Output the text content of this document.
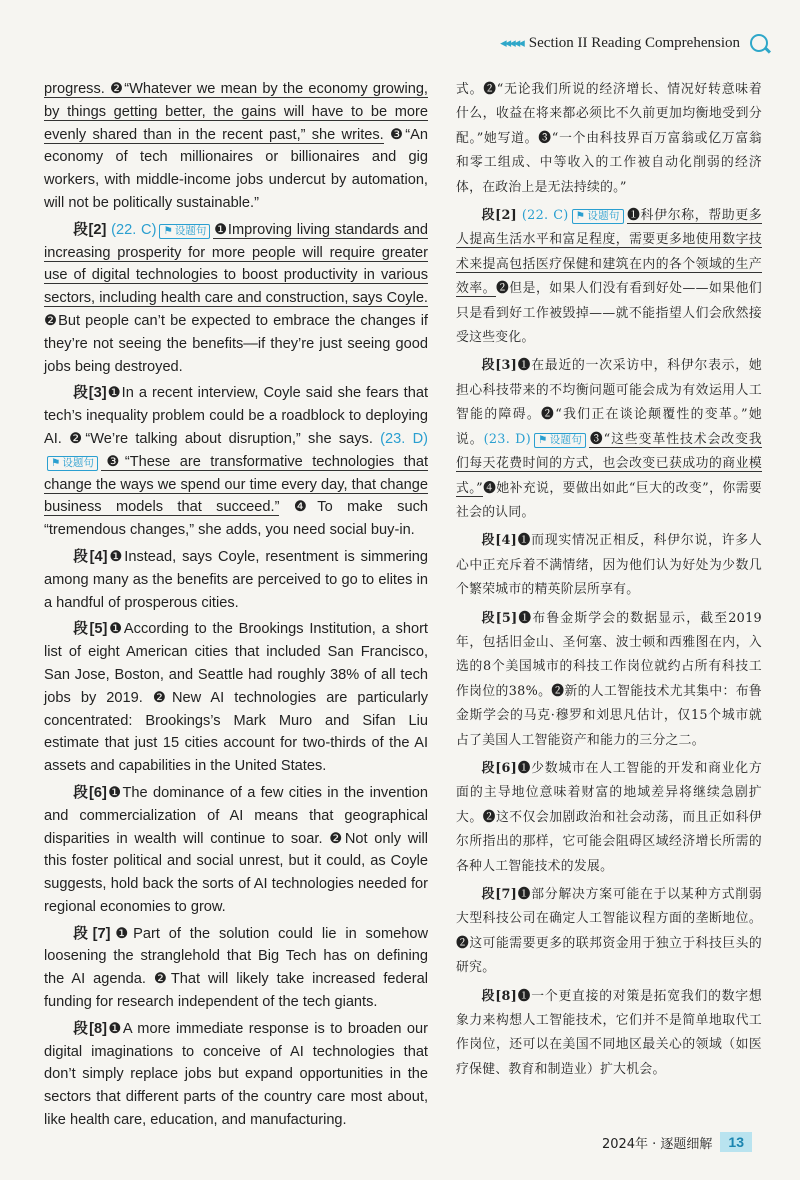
◂◂◂◂◂ Section II Reading Comprehension

progress. ❷“Whatever we mean by the economy growing, by things getting better, the gains will have to be more evenly shared than in the recent past,” she writes. ❸“An economy of tech millionaires or billionaires and gig workers, with middle-income jobs undercut by automation, will not be politically sustainable.”

段[2] (22. C) ⚑ 设题句 ❶Improving living standards and increasing prosperity for more people will require greater use of digital technologies to boost productivity in various sectors, including health care and construction, says Coyle. ❷But people can’t be expected to embrace the changes if they’re not seeing the benefits—if they’re just seeing good jobs being destroyed.

段[3]❶In a recent interview, Coyle said she fears that tech’s inequality problem could be a roadblock to deploying AI. ❷“We’re talking about disruption,” she says. (23. D)⚑ 设题句 ❸“These are transformative technologies that change the ways we spend our time every day, that change business models that succeed.” ❹To make such “tremendous changes,” she adds, you need social buy-in.

段[4]❶Instead, says Coyle, resentment is simmering among many as the benefits are perceived to go to elites in a handful of prosperous cities.

段[5]❶According to the Brookings Institution, a short list of eight American cities that included San Francisco, San Jose, Boston, and Seattle had roughly 38% of all tech jobs by 2019. ❷New AI technologies are particularly concentrated: Brookings’s Mark Muro and Sifan Liu estimate that just 15 cities account for two-thirds of the AI assets and capabilities in the United States.

段[6]❶The dominance of a few cities in the invention and commercialization of AI means that geographical disparities in wealth will continue to soar. ❷Not only will this foster political and social unrest, but it could, as Coyle suggests, hold back the sorts of AI technologies needed for regional economies to grow.

段[7]❶Part of the solution could lie in somehow loosening the stranglehold that Big Tech has on defining the AI agenda. ❷That will likely take increased federal funding for research independent of the tech giants.

段[8]❶A more immediate response is to broaden our digital imaginations to conceive of AI technologies that don’t simply replace jobs but expand opportunities in the sectors that different parts of the country care most about, like health care, education, and manufacturing.

式。❷“无论我们所说的经济增长、情况好转意味着什么，收益在将来都必须比不久前更加均衡地受到分配。”她写道。❸“一个由科技界百万富翁或亿万富翁和零工组成、中等收入的工作被自动化削弱的经济体，在政治上是无法持续的。”

段[2] (22. C) ⚑ 设题句 ❶科伊尔称，帮助更多人提高生活水平和富足程度，需要更多地使用数字技术来提高包括医疗保健和建筑在内的各个领域的生产效率。❷但是，如果人们没有看到好处——如果他们只是看到好工作被毁掉——就不能指望人们会欣然接受这些变化。

段[3]❶在最近的一次采访中，科伊尔表示，她担心科技带来的不均衡问题可能会成为有效运用人工智能的障碍。❷“我们正在谈论颠覆性的变革。”她说。(23. D) ⚑ 设题句 ❸“这些变革性技术会改变我们每天花费时间的方式，也会改变已获成功的商业模式。”❹她补充说，要做出如此“巨大的改变”，你需要社会的认同。

段[4]❶而现实情况正相反，科伊尔说，许多人心中正充斥着不满情绪，因为他们认为好处为少数几个繁荣城市的精英阶层所享有。

段[5]❶布鲁金斯学会的数据显示，截至2019年，包括旧金山、圣何塞、波士顿和西雅图在内，入选的8个美国城市的科技工作岗位就约占所有科技工作岗位的38%。❷新的人工智能技术尤其集中：布鲁金斯学会的马克·穆罗和刘思凡估计，仅15个城市就占了美国人工智能资产和能力的三分之二。

段[6]❶少数城市在人工智能的开发和商业化方面的主导地位意味着财富的地域差异将继续急剧扩大。❷这不仅会加剧政治和社会动荡，而且正如科伊尔所指出的那样，它可能会阻碍区域经济增长所需的各种人工智能技术的发展。

段[7]❶部分解决方案可能在于以某种方式削弱大型科技公司在确定人工智能议程方面的垄断地位。❷这可能需要更多的联邦资金用于独立于科技巨头的研究。

段[8]❶一个更直接的对策是拓宽我们的数字想象力来构想人工智能技术，它们并不是简单地取代工作岗位，还可以在美国不同地区最关心的领域（如医疗保健、教育和制造业）扩大机会。

2024年 · 逐题细解	13
